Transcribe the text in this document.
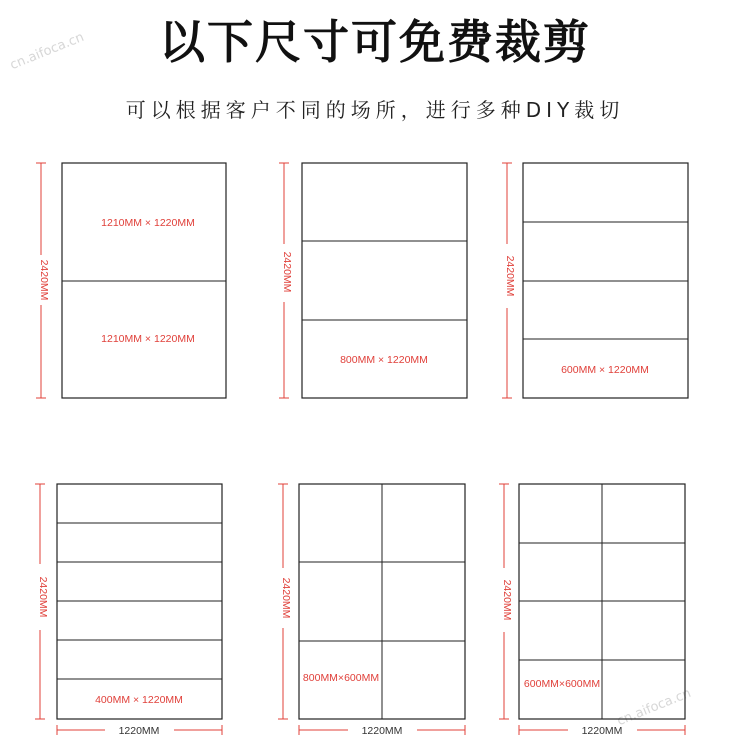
以下尺寸可免费裁剪
可以根据客户不同的场所，进行多种DIY裁切
cn.aifoca.cn
cn.aifoca.cn
2420MM
1210MM × 1220MM
1210MM × 1220MM
2420MM
800MM × 1220MM
2420MM
600MM × 1220MM
2420MM
400MM × 1220MM
1220MM
2420MM
800MM×600MM
1220MM
2420MM
600MM×600MM
1220MM
